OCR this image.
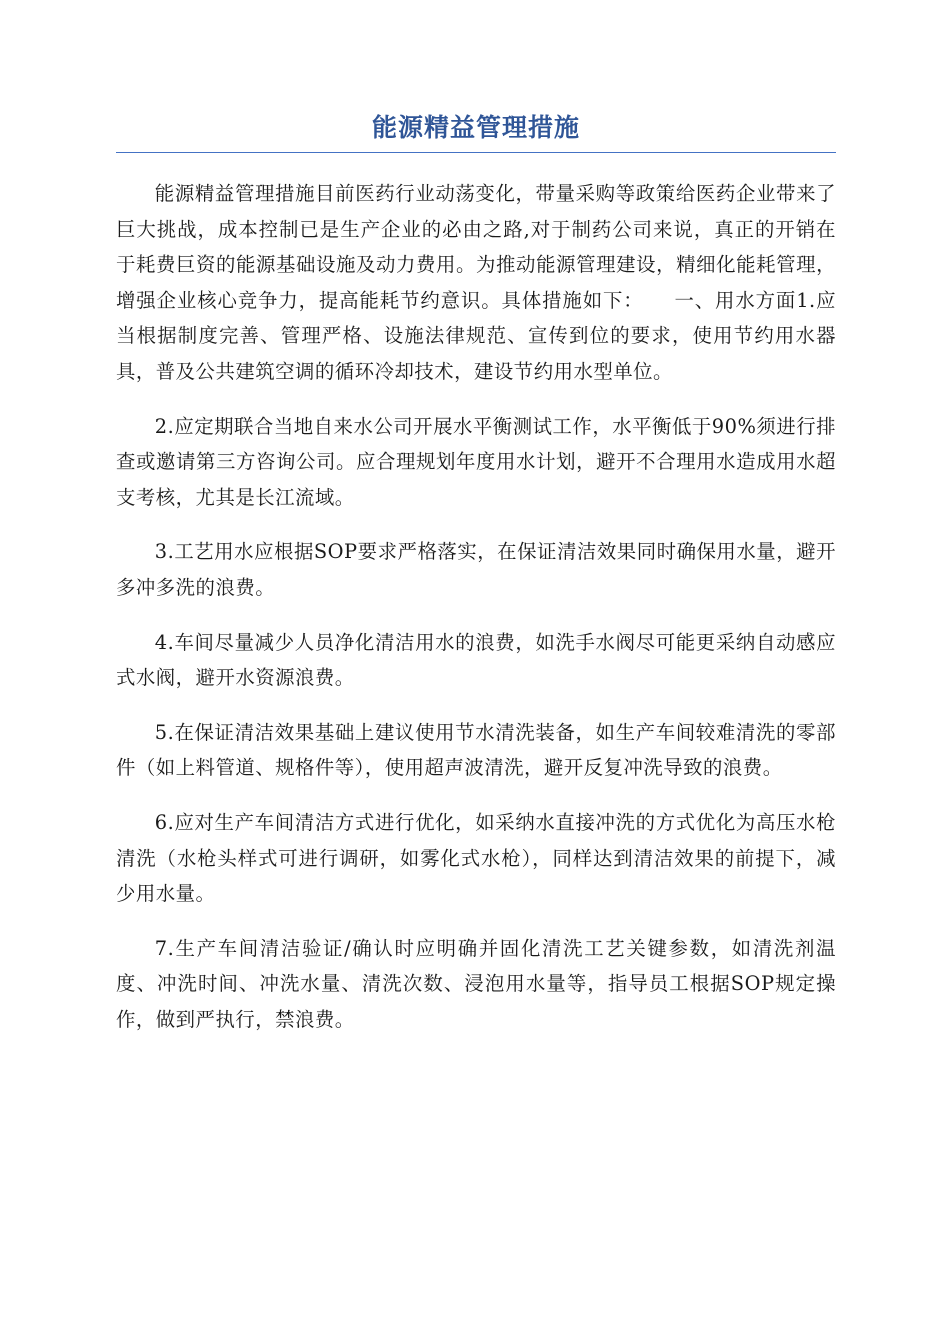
能源精益管理措施

能源精益管理措施目前医药行业动荡变化，带量采购等政策给医药企业带来了巨大挑战，成本控制已是生产企业的必由之路,对于制药公司来说，真正的开销在于耗费巨资的能源基础设施及动力费用。为推动能源管理建设，精细化能耗管理，增强企业核心竞争力，提高能耗节约意识。具体措施如下：　　一、用水方面1.应当根据制度完善、管理严格、设施法律规范、宣传到位的要求，使用节约用水器具，普及公共建筑空调的循环冷却技术，建设节约用水型单位。

2.应定期联合当地自来水公司开展水平衡测试工作，水平衡低于90%须进行排查或邀请第三方咨询公司。应合理规划年度用水计划，避开不合理用水造成用水超支考核，尤其是长江流域。

3.工艺用水应根据SOP要求严格落实，在保证清洁效果同时确保用水量，避开多冲多洗的浪费。

4.车间尽量减少人员净化清洁用水的浪费，如洗手水阀尽可能更采纳自动感应式水阀，避开水资源浪费。

5.在保证清洁效果基础上建议使用节水清洗装备，如生产车间较难清洗的零部件（如上料管道、规格件等），使用超声波清洗，避开反复冲洗导致的浪费。

6.应对生产车间清洁方式进行优化，如采纳水直接冲洗的方式优化为高压水枪清洗（水枪头样式可进行调研，如雾化式水枪），同样达到清洁效果的前提下，减少用水量。

7.生产车间清洁验证/确认时应明确并固化清洗工艺关键参数，如清洗剂温度、冲洗时间、冲洗水量、清洗次数、浸泡用水量等，指导员工根据SOP规定操作，做到严执行，禁浪费。
